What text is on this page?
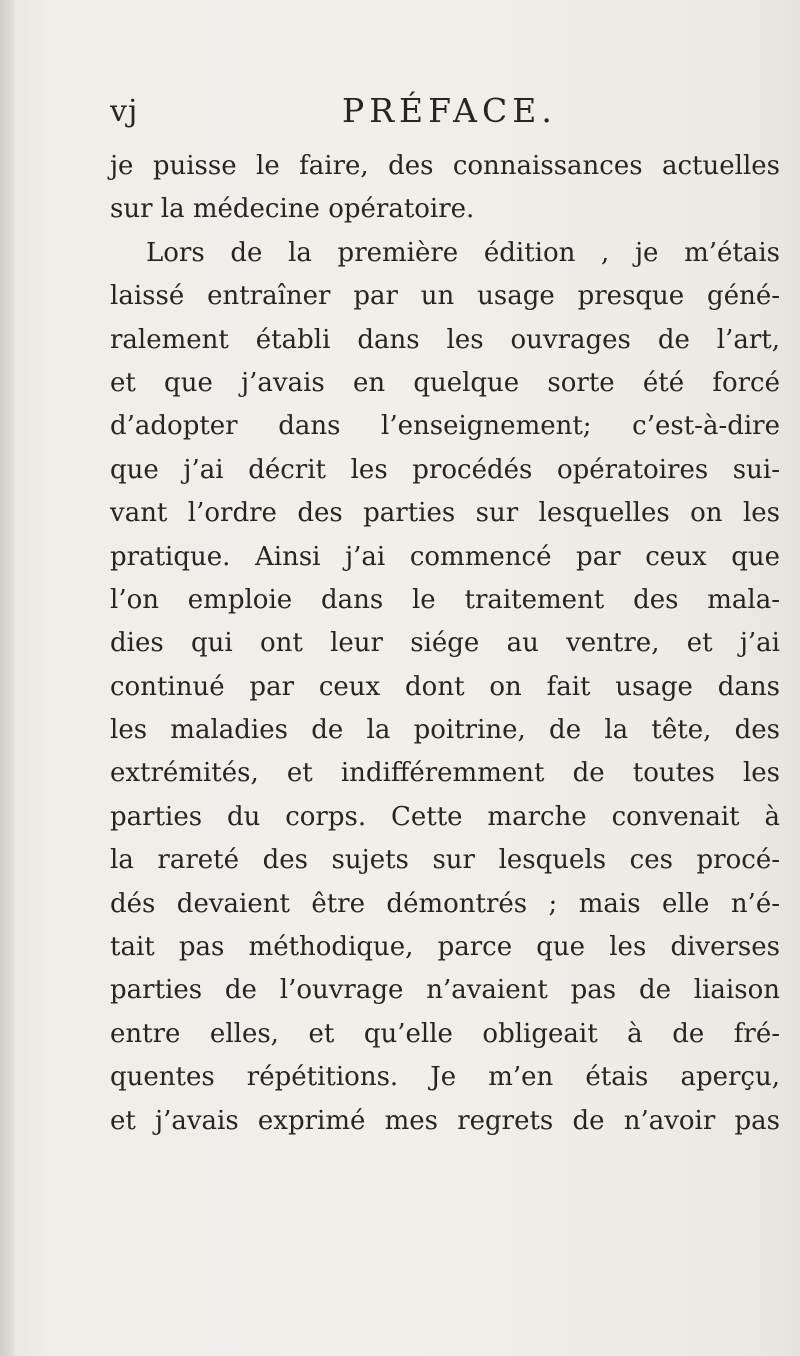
vj	PRÉFACE.
je puisse le faire, des connaissances actuelles
sur la médecine opératoire.
Lors de la première édition , je m’étais
laissé entraîner par un usage presque géné-
ralement établi dans les ouvrages de l’art,
et que j’avais en quelque sorte été forcé
d’adopter dans l’enseignement; c’est-à-dire
que j’ai décrit les procédés opératoires sui-
vant l’ordre des parties sur lesquelles on les
pratique. Ainsi j’ai commencé par ceux que
l’on emploie dans le traitement des mala-
dies qui ont leur siége au ventre, et j’ai
continué par ceux dont on fait usage dans
les maladies de la poitrine, de la tête, des
extrémités, et indifféremment de toutes les
parties du corps. Cette marche convenait à
la rareté des sujets sur lesquels ces procé-
dés devaient être démontrés ; mais elle n’é-
tait pas méthodique, parce que les diverses
parties de l’ouvrage n’avaient pas de liaison
entre elles, et qu’elle obligeait à de fré-
quentes répétitions. Je m’en étais aperçu,
et j’avais exprimé mes regrets de n’avoir pas
